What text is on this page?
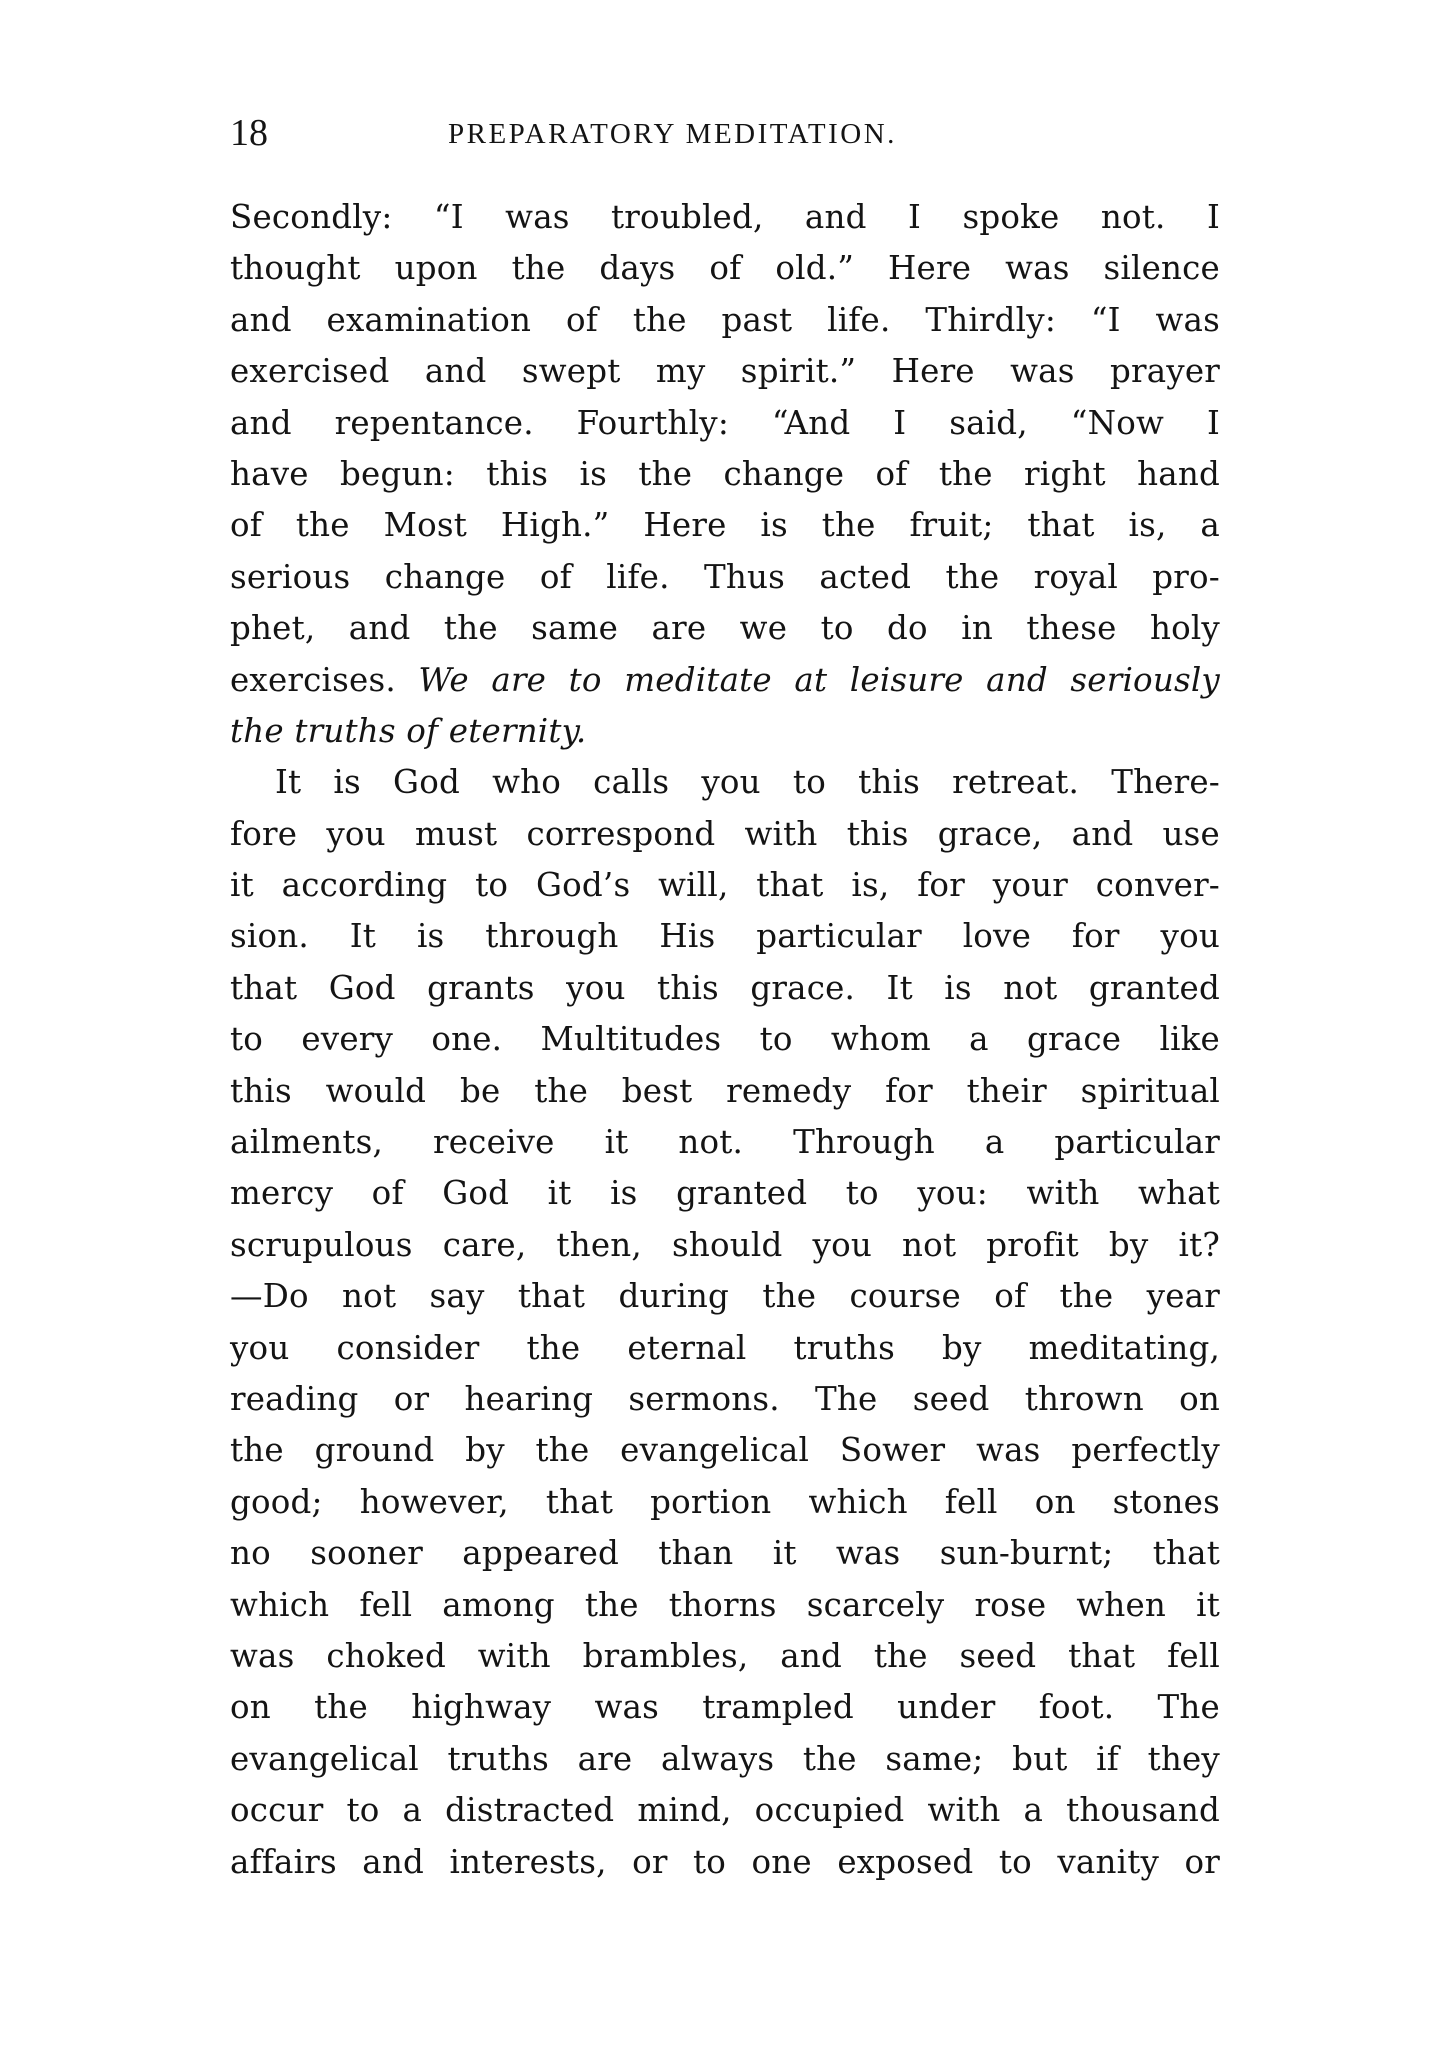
18	PREPARATORY MEDITATION.
Secondly: “I was troubled, and I spoke not. I
thought upon the days of old.” Here was silence
and examination of the past life. Thirdly: “I was
exercised and swept my spirit.” Here was prayer
and repentance. Fourthly: “And I said, “Now I
have begun: this is the change of the right hand
of the Most High.” Here is the fruit; that is, a
serious change of life. Thus acted the royal pro-
phet, and the same are we to do in these holy
exercises. We are to meditate at leisure and seriously
the truths of eternity.
It is God who calls you to this retreat. There-
fore you must correspond with this grace, and use
it according to God’s will, that is, for your conver-
sion. It is through His particular love for you
that God grants you this grace. It is not granted
to every one. Multitudes to whom a grace like
this would be the best remedy for their spiritual
ailments, receive it not. Through a particular
mercy of God it is granted to you: with what
scrupulous care, then, should you not profit by it?
—Do not say that during the course of the year
you consider the eternal truths by meditating,
reading or hearing sermons. The seed thrown on
the ground by the evangelical Sower was perfectly
good; however, that portion which fell on stones
no sooner appeared than it was sun-burnt; that
which fell among the thorns scarcely rose when it
was choked with brambles, and the seed that fell
on the highway was trampled under foot. The
evangelical truths are always the same; but if they
occur to a distracted mind, occupied with a thousand
affairs and interests, or to one exposed to vanity or
